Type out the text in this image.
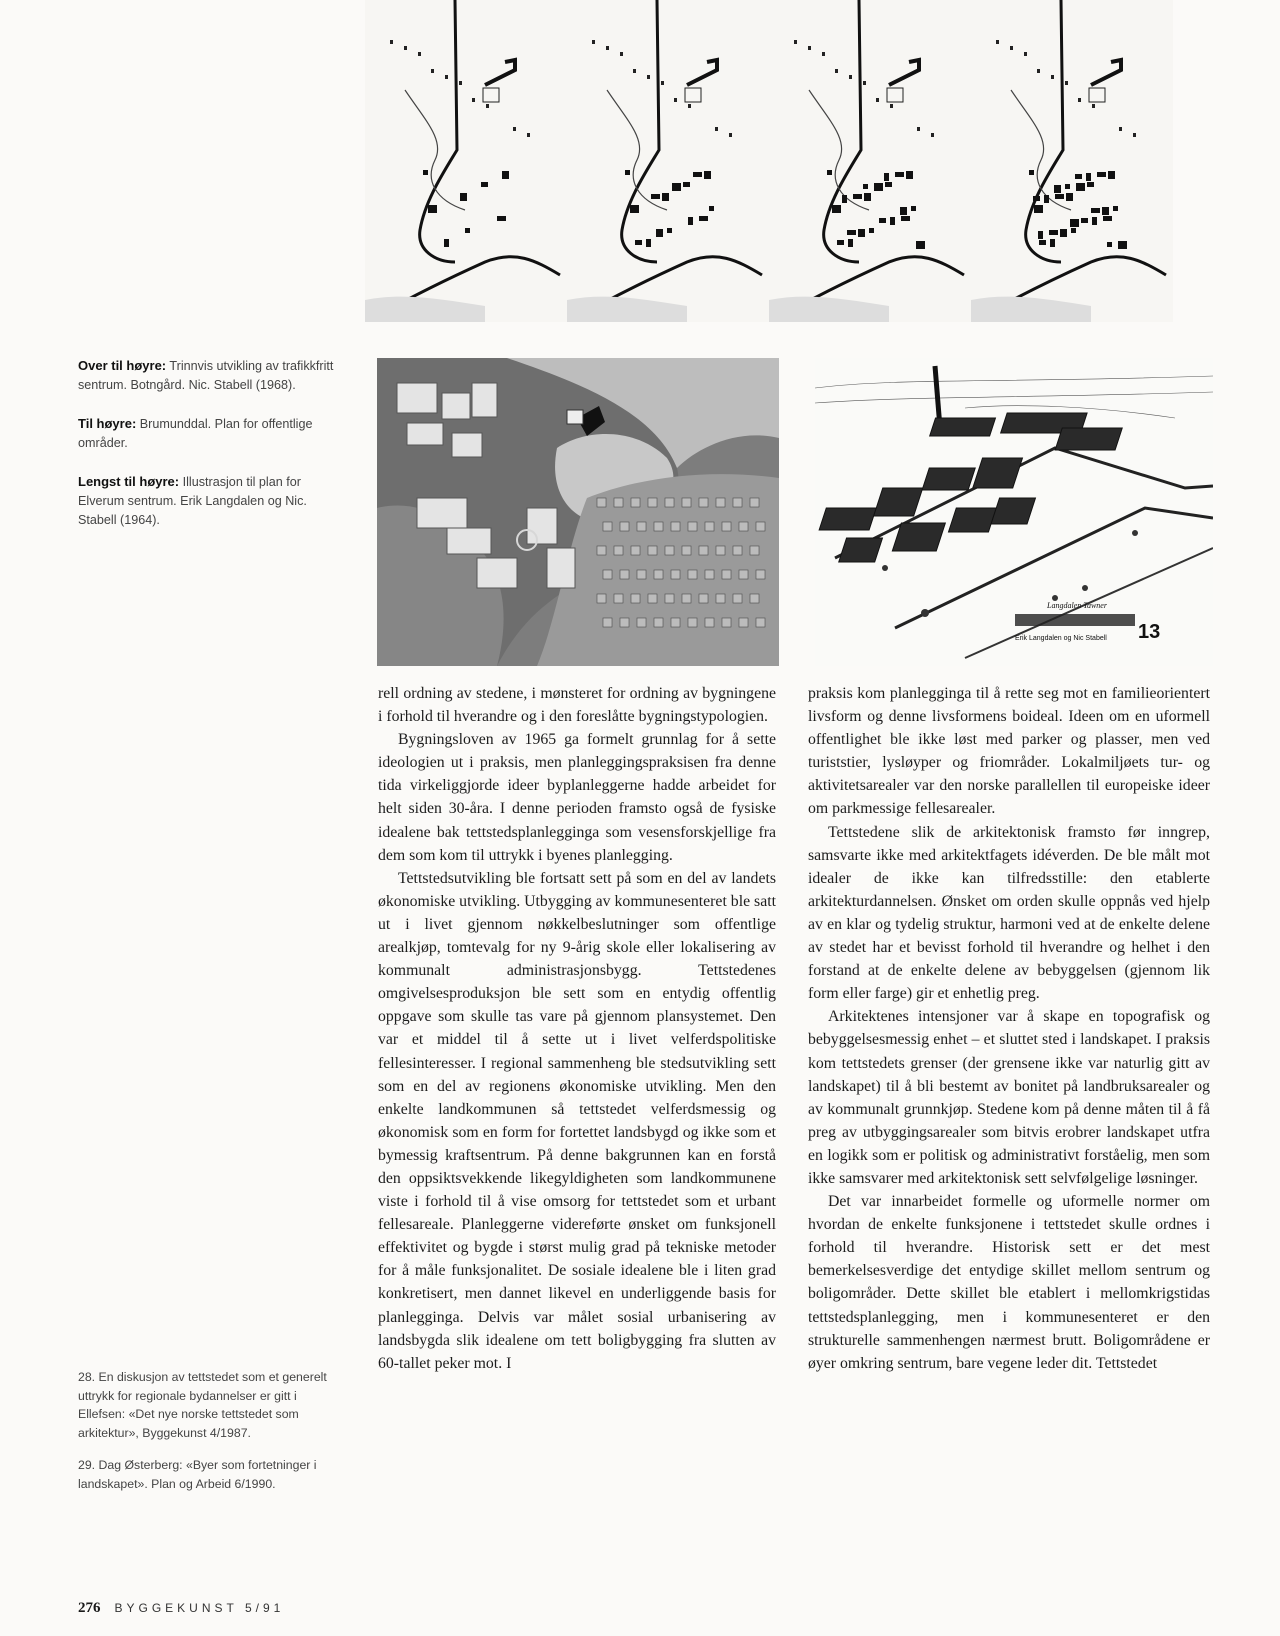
Langdalen Tawner
Erik Langdalen og Nic Stabell 13

Over til høyre: Trinnvis utvikling av trafikkfritt sentrum. Botngård. Nic. Stabell (1968).

Til høyre: Brumunddal. Plan for offentlige områder.

Lengst til høyre: Illustrasjon til plan for Elverum sentrum. Erik Langdalen og Nic. Stabell (1964).

28. En diskusjon av tettstedet som et generelt uttrykk for regionale bydannelser er gitt i Ellefsen: «Det nye norske tettstedet som arkitektur», Byggekunst 4/1987.

29. Dag Østerberg: «Byer som fortetninger i landskapet». Plan og Arbeid 6/1990.

rell ordning av stedene, i mønsteret for ordning av bygningene i forhold til hverandre og i den foreslåtte bygningstypologien.

Bygningsloven av 1965 ga formelt grunnlag for å sette ideologien ut i praksis, men planleggingspraksisen fra denne tida virkeliggjorde ideer byplanleggerne hadde arbeidet for helt siden 30-åra. I denne perioden framsto også de fysiske idealene bak tettstedsplanleggingа som vesensforskjellige fra dem som kom til uttrykk i byenes planlegging.

Tettstedsutvikling ble fortsatt sett på som en del av landets økonomiske utvikling. Utbygging av kommunesenteret ble satt ut i livet gjennom nøkkelbeslutninger som offentlige arealkjøp, tomtevalg for ny 9-årig skole eller lokalisering av kommunalt administrasjonsbygg. Tettstedenes omgivelsesproduksjon ble sett som en entydig offentlig oppgave som skulle tas vare på gjennom plansystemet. Den var et middel til å sette ut i livet velferdspolitiske fellesinteresser. I regional sammenheng ble stedsutvikling sett som en del av regionens økonomiske utvikling. Men den enkelte landkommunen så tettstedet velferdsmessig og økonomisk som en form for fortettet landsbygd og ikke som et bymessig kraftsentrum. På denne bakgrunnen kan en forstå den oppsiktsvekkende likegyldigheten som landkommunene viste i forhold til å vise omsorg for tettstedet som et urbant fellesareale. Planleggerne videreførte ønsket om funksjonell effektivitet og bygde i størst mulig grad på tekniske metoder for å måle funksjonalitet. De sosiale idealene ble i liten grad konkretisert, men dannet likevel en underliggende basis for planleggingа. Delvis var målet sosial urbanisering av landsbygda slik idealene om tett boligbygging fra slutten av 60-tallet peker mot. I

praksis kom planleggingа til å rette seg mot en familieorientert livsform og denne livsformens boideal. Ideen om en uformell offentlighet ble ikke løst med parker og plasser, men ved turiststier, lysløyper og friområder. Lokalmiljøets tur- og aktivitetsarealer var den norske parallellen til europeiske ideer om parkmessige fellesarealer.

Tettstedene slik de arkitektonisk framsto før inngrep, samsvarte ikke med arkitektfagets idéverden. De ble målt mot idealer de ikke kan tilfredsstille: den etablerte arkitekturdannelsen. Ønsket om orden skulle oppnås ved hjelp av en klar og tydelig struktur, harmoni ved at de enkelte delene av stedet har et bevisst forhold til hverandre og helhet i den forstand at de enkelte delene av bebyggelsen (gjennom lik form eller farge) gir et enhetlig preg.

Arkitektenes intensjoner var å skape en topografisk og bebyggelsesmessig enhet – et sluttet sted i landskapet. I praksis kom tettstedets grenser (der grensene ikke var naturlig gitt av landskapet) til å bli bestemt av bonitet på landbruksarealer og av kommunalt grunnkjøp. Stedene kom på denne måten til å få preg av utbyggingsarealer som bitvis erobrer landskapet utfra en logikk som er politisk og administrativt forståelig, men som ikke samsvarer med arkitektonisk sett selvfølgelige løsninger.

Det var innarbeidet formelle og uformelle normer om hvordan de enkelte funksjonene i tettstedet skulle ordnes i forhold til hverandre. Historisk sett er det mest bemerkelsesverdige det entydige skillet mellom sentrum og boligområder. Dette skillet ble etablert i mellomkrigstidas tettstedsplanlegging, men i kommunesenteret er den strukturelle sammenhengen nærmest brutt. Boligområdene er øyer omkring sentrum, bare vegene leder dit. Tettstedet

276 BYGGEKUNST 5/91
